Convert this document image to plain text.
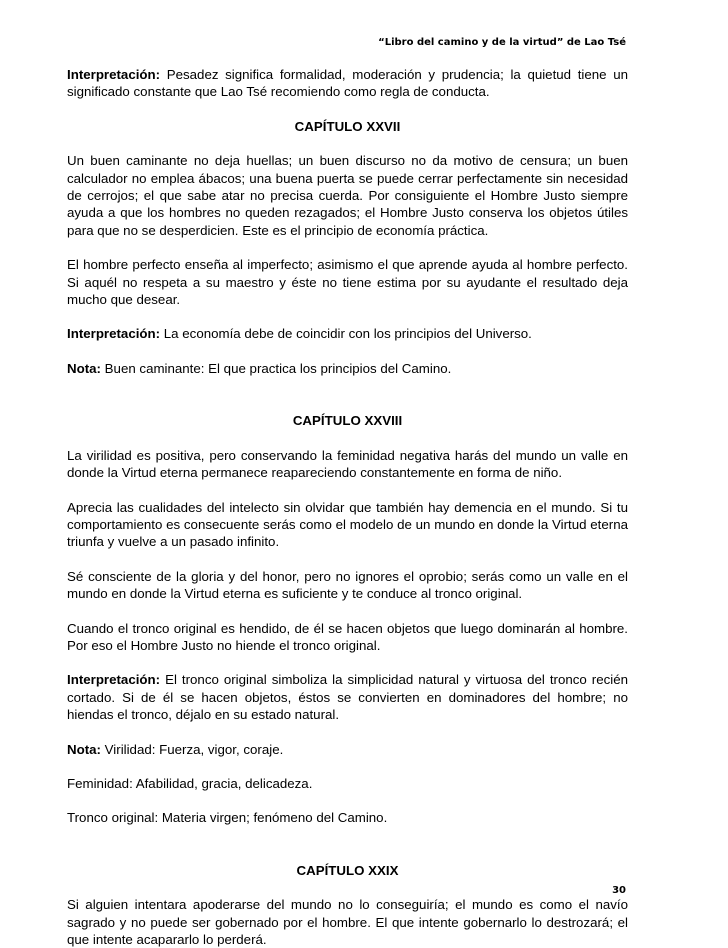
“Libro del camino y de la virtud” de Lao Tsé

Interpretación: Pesadez significa formalidad, moderación y prudencia; la quietud tiene un significado constante que Lao Tsé recomiendo como regla de conducta.

CAPÍTULO XXVII

Un buen caminante no deja huellas; un buen discurso no da motivo de censura; un buen calculador no emplea ábacos; una buena puerta se puede cerrar perfectamente sin necesidad de cerrojos; el que sabe atar no precisa cuerda. Por consiguiente el Hombre Justo siempre ayuda a que los hombres no queden rezagados; el Hombre Justo conserva los objetos útiles para que no se desperdicien. Este es el principio de economía práctica.

El hombre perfecto enseña al imperfecto; asimismo el que aprende ayuda al hombre perfecto. Si aquél no respeta a su maestro y éste no tiene estima por su ayudante el resultado deja mucho que desear.

Interpretación: La economía debe de coincidir con los principios del Universo.

Nota: Buen caminante: El que practica los principios del Camino.

CAPÍTULO XXVIII

La virilidad es positiva, pero conservando la feminidad negativa harás del mundo un valle en donde la Virtud eterna permanece reapareciendo constantemente en forma de niño.

Aprecia las cualidades del intelecto sin olvidar que también hay demencia en el mundo. Si tu comportamiento es consecuente serás como el modelo de un mundo en donde la Virtud eterna triunfa y vuelve a un pasado infinito.

Sé consciente de la gloria y del honor, pero no ignores el oprobio; serás como un valle en el mundo en donde la Virtud eterna es suficiente y te conduce al tronco original.

Cuando el tronco original es hendido, de él se hacen objetos que luego dominarán al hombre. Por eso el Hombre Justo no hiende el tronco original.

Interpretación: El tronco original simboliza la simplicidad natural y virtuosa del tronco recién cortado. Si de él se hacen objetos, éstos se convierten en dominadores del hombre; no hiendas el tronco, déjalo en su estado natural.

Nota: Virilidad: Fuerza, vigor, coraje.

Feminidad: Afabilidad, gracia, delicadeza.

Tronco original: Materia virgen; fenómeno del Camino.

CAPÍTULO XXIX

Si alguien intentara apoderarse del mundo no lo conseguiría; el mundo es como el navío sagrado y no puede ser gobernado por el hombre. El que intente gobernarlo lo destrozará; el que intente acapararlo lo perderá.

30
